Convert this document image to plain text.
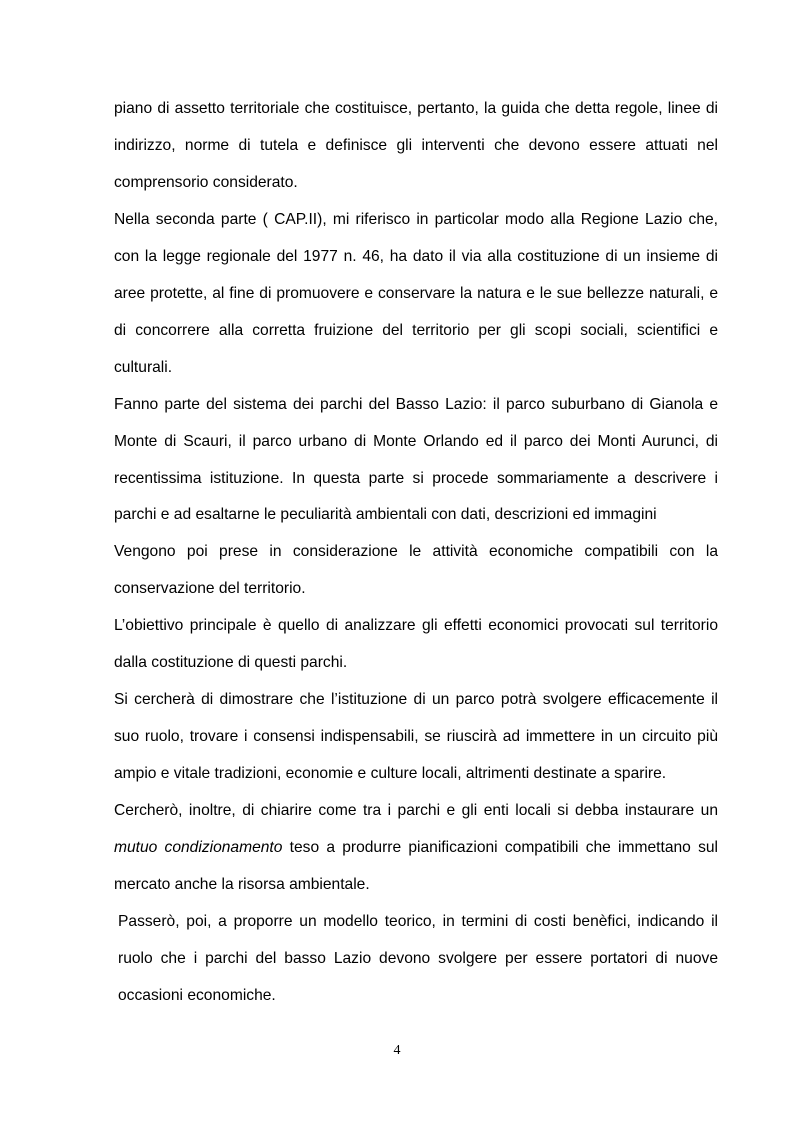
piano di assetto territoriale che costituisce, pertanto, la guida che detta regole, linee di indirizzo, norme di tutela e definisce gli interventi che devono essere attuati nel comprensorio considerato.

Nella seconda parte ( CAP.II), mi riferisco in particolar modo alla Regione Lazio che, con la legge regionale del 1977 n. 46, ha dato il via alla costituzione di un insieme di aree protette, al fine di promuovere e conservare la natura e le sue bellezze naturali, e di concorrere alla corretta fruizione del territorio per gli scopi sociali, scientifici e culturali.

Fanno parte del sistema dei parchi del Basso Lazio: il parco suburbano di Gianola e Monte di Scauri, il parco urbano di Monte Orlando ed il parco dei Monti Aurunci, di recentissima istituzione. In questa parte si procede sommariamente a descrivere i parchi e ad esaltarne le peculiarità ambientali con dati, descrizioni ed immagini

Vengono poi prese in considerazione le attività economiche compatibili con la conservazione del territorio.

L’obiettivo principale è quello di analizzare gli effetti economici provocati sul territorio dalla costituzione di questi parchi.

Si cercherà di dimostrare che l’istituzione di un parco potrà svolgere efficacemente il suo ruolo, trovare i consensi indispensabili, se riuscirà ad immettere in un circuito più ampio e vitale tradizioni, economie e culture locali, altrimenti destinate a sparire.

Cercherò, inoltre, di chiarire come tra i parchi e gli enti locali si debba instaurare un mutuo condizionamento teso a produrre pianificazioni compatibili che immettano sul mercato anche la risorsa ambientale.

Passerò, poi, a proporre un modello teorico, in termini di costi benèfici, indicando il ruolo che i parchi del basso Lazio devono svolgere per essere portatori di nuove occasioni economiche.

4
